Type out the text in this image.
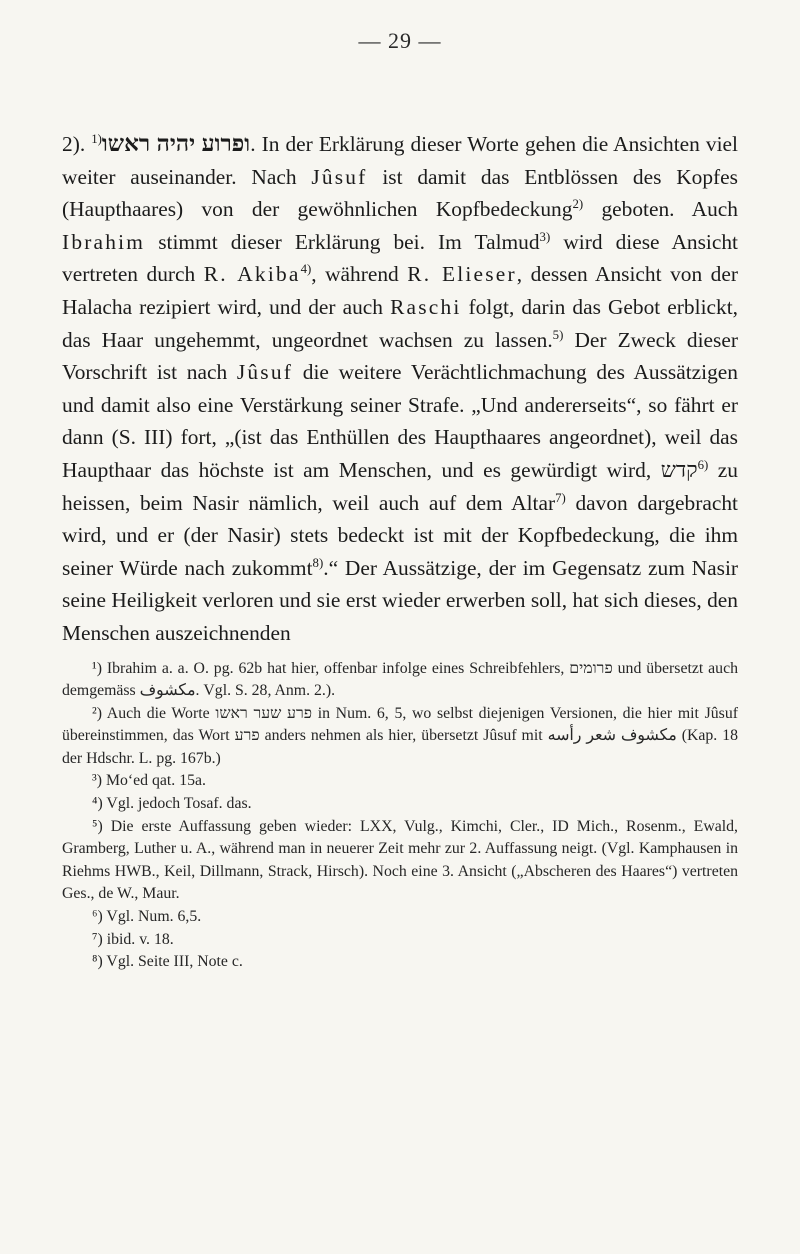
— 29 —
2). $^{1)}$ופרוע יהיה ראשו. In der Erklärung dieser Worte gehen die Ansichten viel weiter auseinander. Nach Jûsuf ist damit das Entblössen des Kopfes (Haupthaares) von der gewöhnlichen Kopfbedeckung$^{2)}$ geboten. Auch Ibrahim stimmt dieser Erklärung bei. Im Talmud$^{3)}$ wird diese Ansicht vertreten durch R. Akiba$^{4)}$, während R. Elieser, dessen Ansicht von der Halacha rezipiert wird, und der auch Raschi folgt, darin das Gebot erblickt, das Haar ungehemmt, ungeordnet wachsen zu lassen.$^{5)}$ Der Zweck dieser Vorschrift ist nach Jûsuf die weitere Verächtlichmachung des Aussätzigen und damit also eine Verstärkung seiner Strafe. „Und andererseits“, so fährt er dann (S. III) fort, „(ist das Enthüllen des Haupthaares angeordnet), weil das Haupthaar das höchste ist am Menschen, und es gewürdigt wird, קדש$^{6)}$ zu heissen, beim Nasir nämlich, weil auch auf dem Altar$^{7)}$ davon dargebracht wird, und er (der Nasir) stets bedeckt ist mit der Kopfbedeckung, die ihm seiner Würde nach zukommt$^{8)}$.“ Der Aussätzige, der im Gegensatz zum Nasir seine Heiligkeit verloren und sie erst wieder erwerben soll, hat sich dieses, den Menschen auszeichnenden

¹) Ibrahim a. a. O. pg. 62b hat hier, offenbar infolge eines Schreibfehlers, פרומים und übersetzt auch demgemäss مكشوف. Vgl. S. 28, Anm. 2.).

²) Auch die Worte פרע שער ראשו in Num. 6, 5, wo selbst diejenigen Versionen, die hier mit Jûsuf übereinstimmen, das Wort פרע anders nehmen als hier, übersetzt Jûsuf mit مكشوف شعر رأسه (Kap. 18 der Hdschr. L. pg. 167b.)

³) Mo‘ed qat. 15a.

⁴) Vgl. jedoch Tosaf. das.

⁵) Die erste Auffassung geben wieder: LXX, Vulg., Kimchi, Cler., ID Mich., Rosenm., Ewald, Gramberg, Luther u. A., während man in neuerer Zeit mehr zur 2. Auffassung neigt. (Vgl. Kamphausen in Riehms HWB., Keil, Dillmann, Strack, Hirsch). Noch eine 3. Ansicht („Abscheren des Haares“) vertreten Ges., de W., Maur.

⁶) Vgl. Num. 6,5.

⁷) ibid. v. 18.

⁸) Vgl. Seite III, Note c.
